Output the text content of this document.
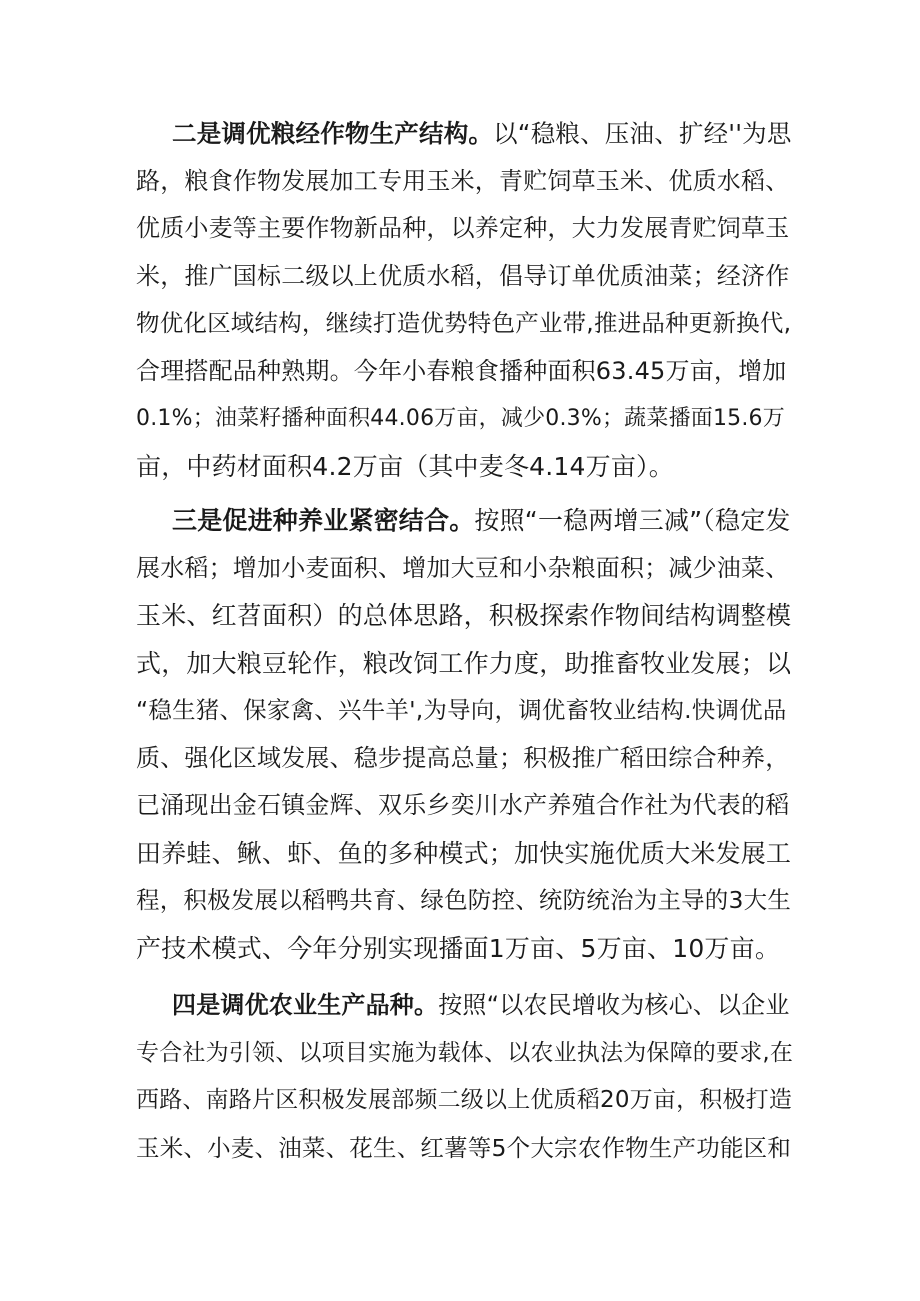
二是调优粮经作物生产结构。以“稳粮、压油、扩经''为思
路，粮食作物发展加工专用玉米，青贮饲草玉米、优质水稻、
优质小麦等主要作物新品种，以养定种，大力发展青贮饲草玉
米，推广国标二级以上优质水稻，倡导订单优质油菜；经济作
物优化区域结构，继续打造优势特色产业带,推进品种更新换代,
合理搭配品种熟期。今年小春粮食播种面积63.45万亩，增加
0.1%；油菜籽播种面积44.06万亩，减少0.3%；蔬菜播面15.6万
亩，中药材面积4.2万亩（其中麦冬4.14万亩）。
三是促进种养业紧密结合。按照“一稳两增三减”（稳定发
展水稻；增加小麦面积、增加大豆和小杂粮面积；减少油菜、
玉米、红苕面积）的总体思路，积极探索作物间结构调整模
式，加大粮豆轮作，粮改饲工作力度，助推畜牧业发展；以
“稳生猪、保家禽、兴牛羊',为导向，调优畜牧业结构.快调优品
质、强化区域发展、稳步提高总量；积极推广稻田综合种养，
已涌现出金石镇金辉、双乐乡奕川水产养殖合作社为代表的稻
田养蛙、鳅、虾、鱼的多种模式；加快实施优质大米发展工
程，积极发展以稻鸭共育、绿色防控、统防统治为主导的3大生
产技术模式、今年分别实现播面1万亩、5万亩、10万亩。
四是调优农业生产品种。按照“以农民增收为核心、以企业
专合社为引领、以项目实施为载体、以农业执法为保障的要求,在
西路、南路片区积极发展部频二级以上优质稻20万亩，积极打造
玉米、小麦、油菜、花生、红薯等5个大宗农作物生产功能区和
